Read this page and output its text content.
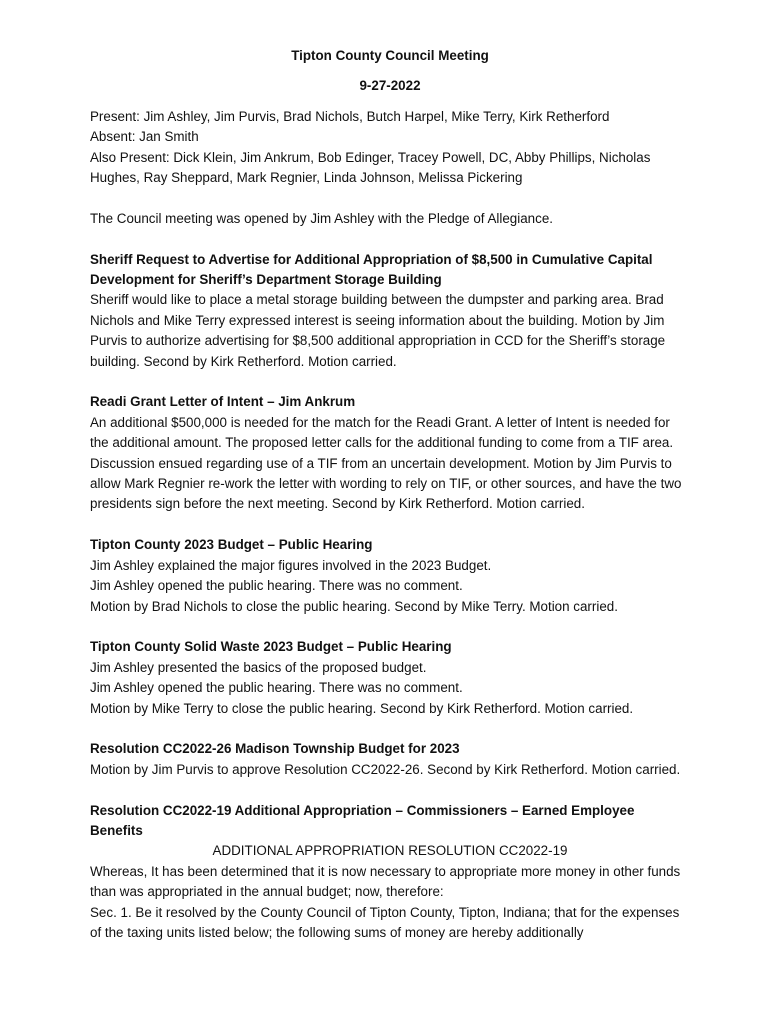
Tipton County Council Meeting

9-27-2022

Present: Jim Ashley, Jim Purvis, Brad Nichols, Butch Harpel, Mike Terry, Kirk Retherford

Absent: Jan Smith

Also Present: Dick Klein, Jim Ankrum, Bob Edinger, Tracey Powell, DC, Abby Phillips, Nicholas Hughes, Ray Sheppard, Mark Regnier, Linda Johnson, Melissa Pickering

The Council meeting was opened by Jim Ashley with the Pledge of Allegiance.

Sheriff Request to Advertise for Additional Appropriation of $8,500 in Cumulative Capital Development for Sheriff’s Department Storage Building

Sheriff would like to place a metal storage building between the dumpster and parking area. Brad Nichols and Mike Terry expressed interest is seeing information about the building. Motion by Jim Purvis to authorize advertising for $8,500 additional appropriation in CCD for the Sheriff’s storage building. Second by Kirk Retherford. Motion carried.

Readi Grant Letter of Intent – Jim Ankrum

An additional $500,000 is needed for the match for the Readi Grant. A letter of Intent is needed for the additional amount. The proposed letter calls for the additional funding to come from a TIF area. Discussion ensued regarding use of a TIF from an uncertain development. Motion by Jim Purvis to allow Mark Regnier re-work the letter with wording to rely on TIF, or other sources, and have the two presidents sign before the next meeting. Second by Kirk Retherford. Motion carried.

Tipton County 2023 Budget – Public Hearing

Jim Ashley explained the major figures involved in the 2023 Budget.

Jim Ashley opened the public hearing. There was no comment.

Motion by Brad Nichols to close the public hearing. Second by Mike Terry. Motion carried.

Tipton County Solid Waste 2023 Budget – Public Hearing

Jim Ashley presented the basics of the proposed budget.

Jim Ashley opened the public hearing. There was no comment.

Motion by Mike Terry to close the public hearing. Second by Kirk Retherford. Motion carried.

Resolution CC2022-26 Madison Township Budget for 2023

Motion by Jim Purvis to approve Resolution CC2022-26. Second by Kirk Retherford. Motion carried.

Resolution CC2022-19 Additional Appropriation – Commissioners – Earned Employee Benefits

ADDITIONAL APPROPRIATION RESOLUTION CC2022-19

Whereas, It has been determined that it is now necessary to appropriate more money in other funds than was appropriated in the annual budget; now, therefore:

Sec. 1. Be it resolved by the County Council of Tipton County, Tipton, Indiana; that for the expenses of the taxing units listed below; the following sums of money are hereby additionally
